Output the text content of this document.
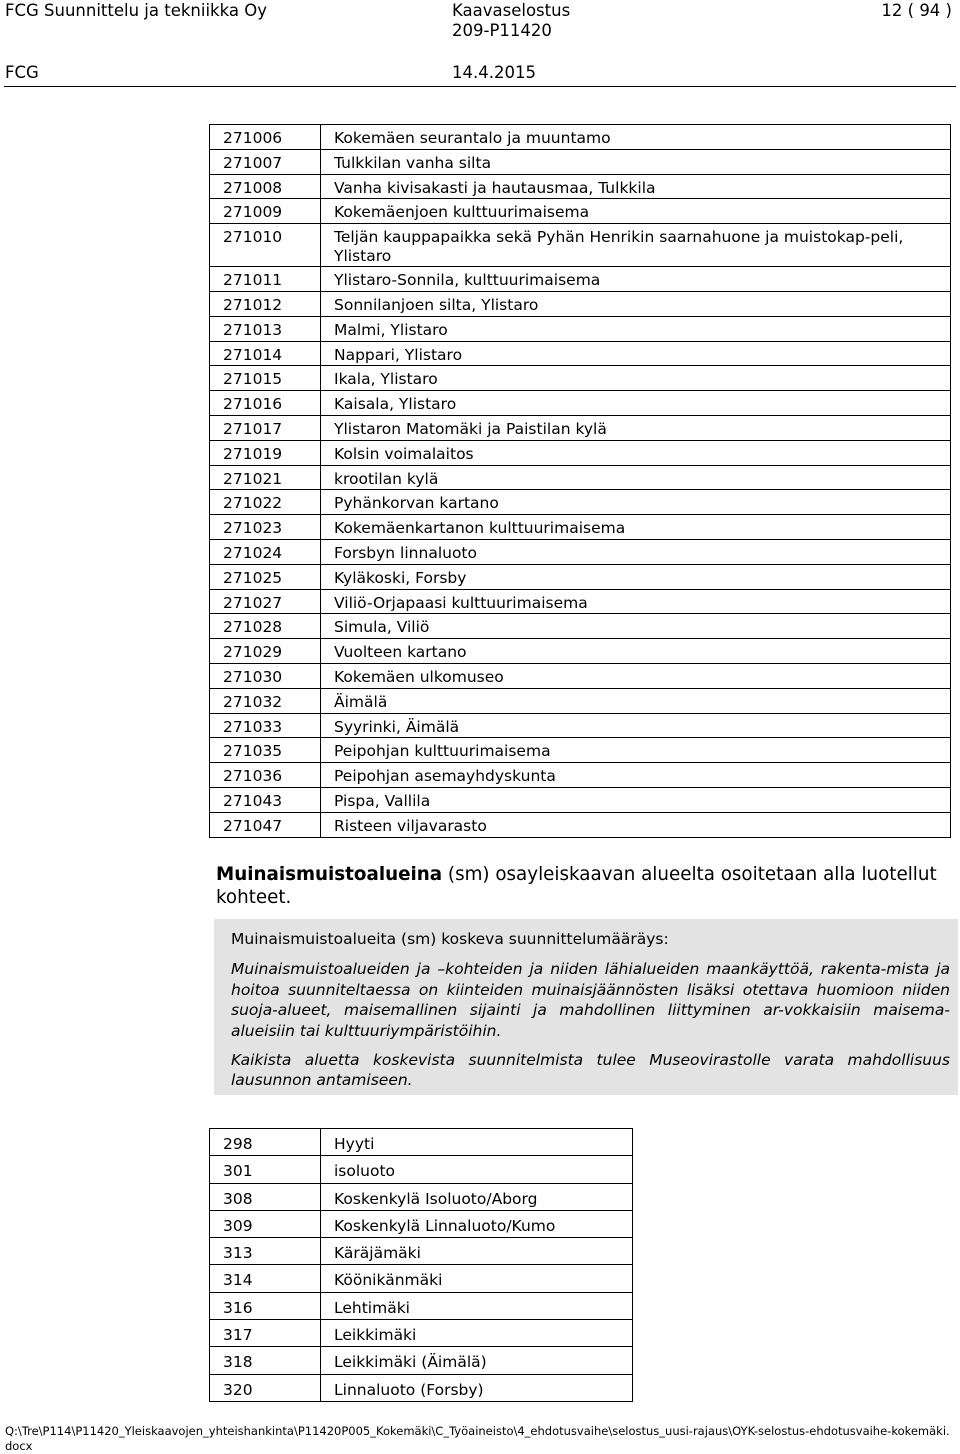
FCG Suunnittelu ja tekniikka Oy	Kaavaselostus
209-P11420
12 ( 94 )
FCG	14.4.2015
271006	Kokemäen seurantalo ja muuntamo
271007	Tulkkilan vanha silta
271008	Vanha kivisakasti ja hautausmaa, Tulkkila
271009	Kokemäenjoen kulttuurimaisema
271010	Teljän kauppapaikka sekä Pyhän Henrikin saarnahuone ja muistokap-peli, Ylistaro
271011	Ylistaro-Sonnila, kulttuurimaisema
271012	Sonnilanjoen silta, Ylistaro
271013	Malmi, Ylistaro
271014	Nappari, Ylistaro
271015	Ikala, Ylistaro
271016	Kaisala, Ylistaro
271017	Ylistaron Matomäki ja Paistilan kylä
271019	Kolsin voimalaitos
271021	krootilan kylä
271022	Pyhänkorvan kartano
271023	Kokemäenkartanon kulttuurimaisema
271024	Forsbyn linnaluoto
271025	Kyläkoski, Forsby
271027	Viliö-Orjapaasi kulttuurimaisema
271028	Simula, Viliö
271029	Vuolteen kartano
271030	Kokemäen ulkomuseo
271032	Äimälä
271033	Syyrinki, Äimälä
271035	Peipohjan kulttuurimaisema
271036	Peipohjan asemayhdyskunta
271043	Pispa, Vallila
271047	Risteen viljavarasto
Muinaismuistoalueina (sm) osayleiskaavan alueelta osoitetaan alla luotellut kohteet.
Muinaismuistoalueita (sm) koskeva suunnittelumääräys:
Muinaismuistoalueiden ja –kohteiden ja niiden lähialueiden maankäyttöä, rakenta-mista ja hoitoa suunniteltaessa on kiinteiden muinaisjäännösten lisäksi otettava huomioon niiden suoja-alueet, maisemallinen sijainti ja mahdollinen liittyminen ar-vokkaisiin maisema-alueisiin tai kulttuuriympäristöihin.
Kaikista aluetta koskevista suunnitelmista tulee Museovirastolle varata mahdollisuus lausunnon antamiseen.
298	Hyyti
301	isoluoto
308	Koskenkylä Isoluoto/Aborg
309	Koskenkylä Linnaluoto/Kumo
313	Käräjämäki
314	Köönikänmäki
316	Lehtimäki
317	Leikkimäki
318	Leikkimäki (Äimälä)
320	Linnaluoto (Forsby)
Q:\Tre\P114\P11420_Yleiskaavojen_yhteishankinta\P11420P005_Kokemäki\C_Työaineisto\4_ehdotusvaihe\selostus_uusi-rajaus\OYK-selostus-ehdotusvaihe-kokemäki.docx
